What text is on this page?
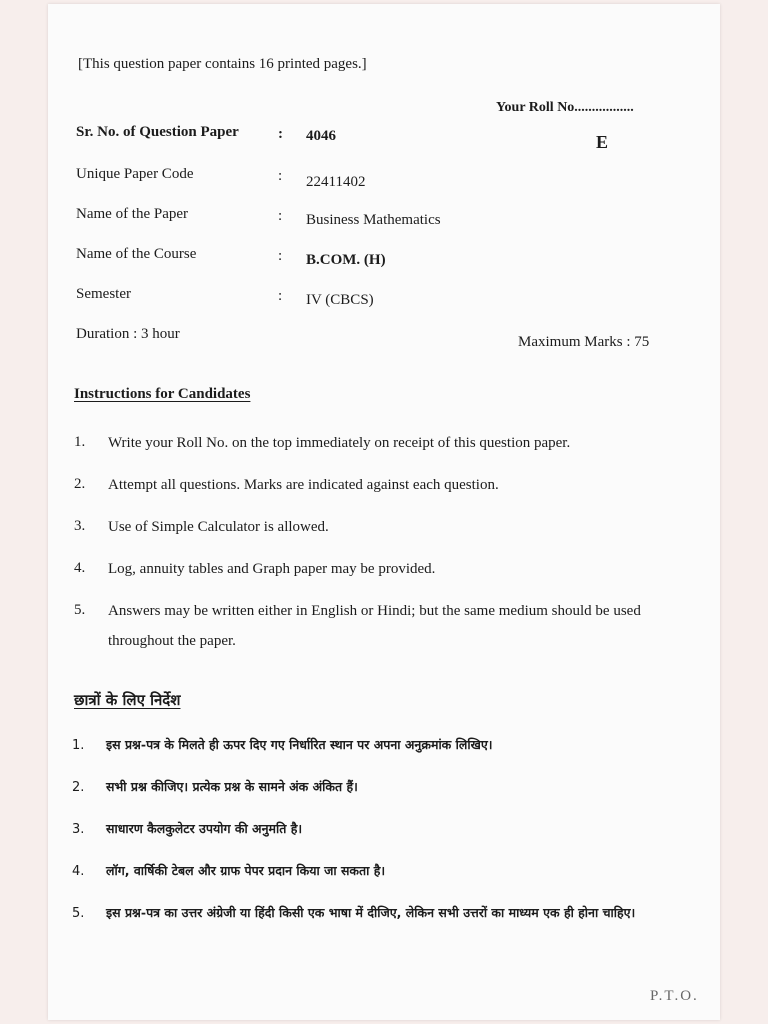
[This question paper contains 16 printed pages.]
Your Roll No.................
E
Sr. No. of Question Paper	: 4046
Unique Paper Code	: 22411402
Name of the Paper	: Business Mathematics
Name of the Course	: B.COM. (H)
Semester	: IV (CBCS)
Duration : 3 hour	Maximum Marks : 75
Instructions for Candidates
1. Write your Roll No. on the top immediately on receipt of this question paper.
2. Attempt all questions. Marks are indicated against each question.
3. Use of Simple Calculator is allowed.
4. Log, annuity tables and Graph paper may be provided.
5. Answers may be written either in English or Hindi; but the same medium should be used throughout the paper.
छात्रों के लिए निर्देश
1. इस प्रश्न-पत्र के मिलते ही ऊपर दिए गए निर्धारित स्थान पर अपना अनुक्रमांक लिखिए।
2. सभी प्रश्न कीजिए। प्रत्येक प्रश्न के सामने अंक अंकित हैं।
3. साधारण कैलकुलेटर उपयोग की अनुमति है।
4. लॉग, वार्षिकी टेबल और ग्राफ पेपर प्रदान किया जा सकता है।
5. इस प्रश्न-पत्र का उत्तर अंग्रेजी या हिंदी किसी एक भाषा में दीजिए, लेकिन सभी उत्तरों का माध्यम एक ही होना चाहिए।
P.T.O.
